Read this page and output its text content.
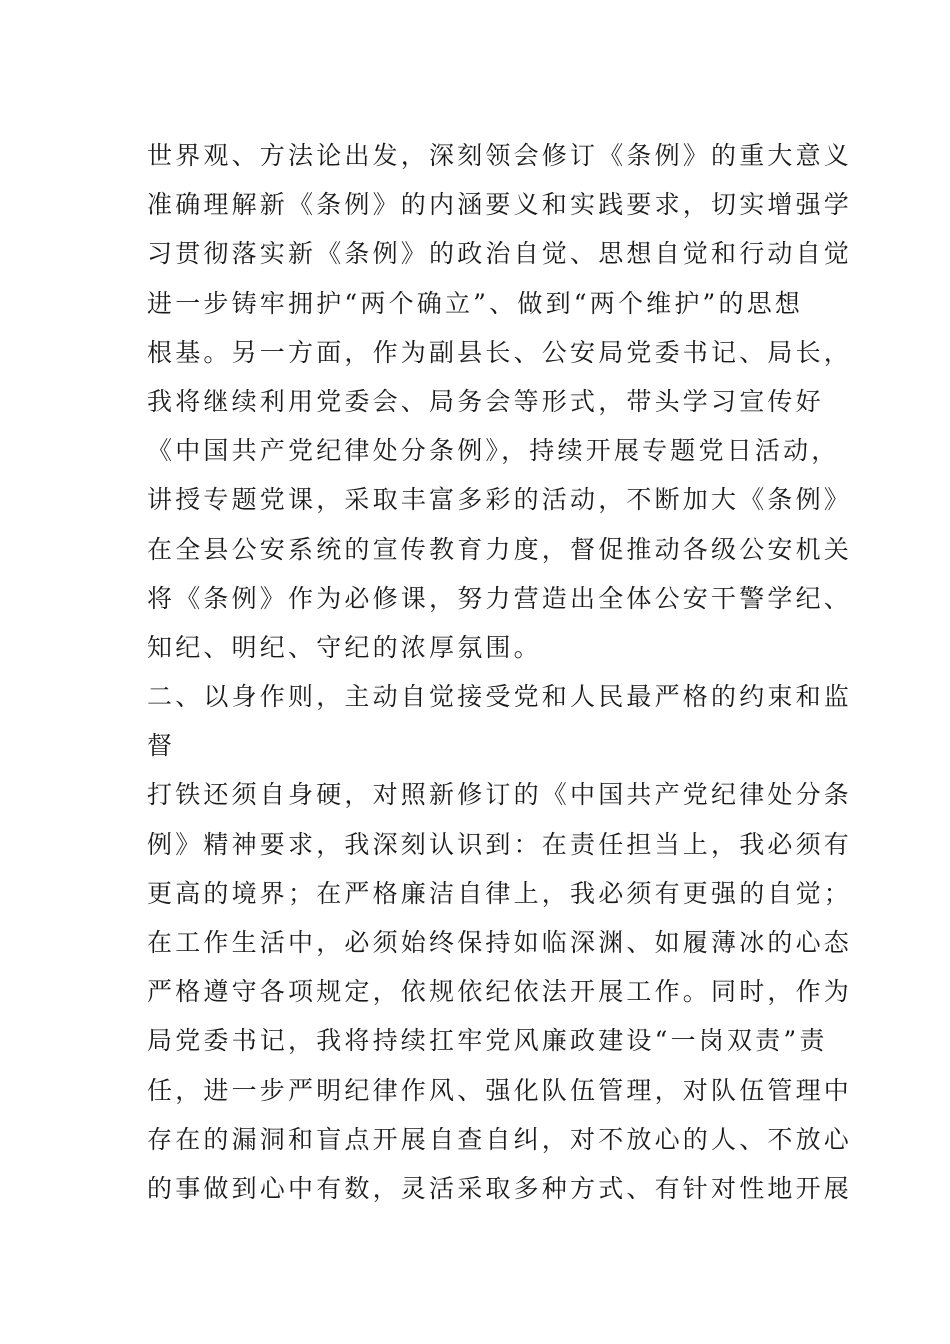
世界观、方法论出发，深刻领会修订《条例》的重大意义
准确理解新《条例》的内涵要义和实践要求，切实增强学
习贯彻落实新《条例》的政治自觉、思想自觉和行动自觉
进一步铸牢拥护“两个确立”、做到“两个维护”的思想
根基。另一方面，作为副县长、公安局党委书记、局长，
我将继续利用党委会、局务会等形式，带头学习宣传好
《中国共产党纪律处分条例》，持续开展专题党日活动，
讲授专题党课，采取丰富多彩的活动，不断加大《条例》
在全县公安系统的宣传教育力度，督促推动各级公安机关
将《条例》作为必修课，努力营造出全体公安干警学纪、
知纪、明纪、守纪的浓厚氛围。
二、以身作则，主动自觉接受党和人民最严格的约束和监
督
打铁还须自身硬，对照新修订的《中国共产党纪律处分条
例》精神要求，我深刻认识到：在责任担当上，我必须有
更高的境界；在严格廉洁自律上，我必须有更强的自觉；
在工作生活中，必须始终保持如临深渊、如履薄冰的心态
严格遵守各项规定，依规依纪依法开展工作。同时，作为
局党委书记，我将持续扛牢党风廉政建设“一岗双责”责
任，进一步严明纪律作风、强化队伍管理，对队伍管理中
存在的漏洞和盲点开展自查自纠，对不放心的人、不放心
的事做到心中有数，灵活采取多种方式、有针对性地开展
